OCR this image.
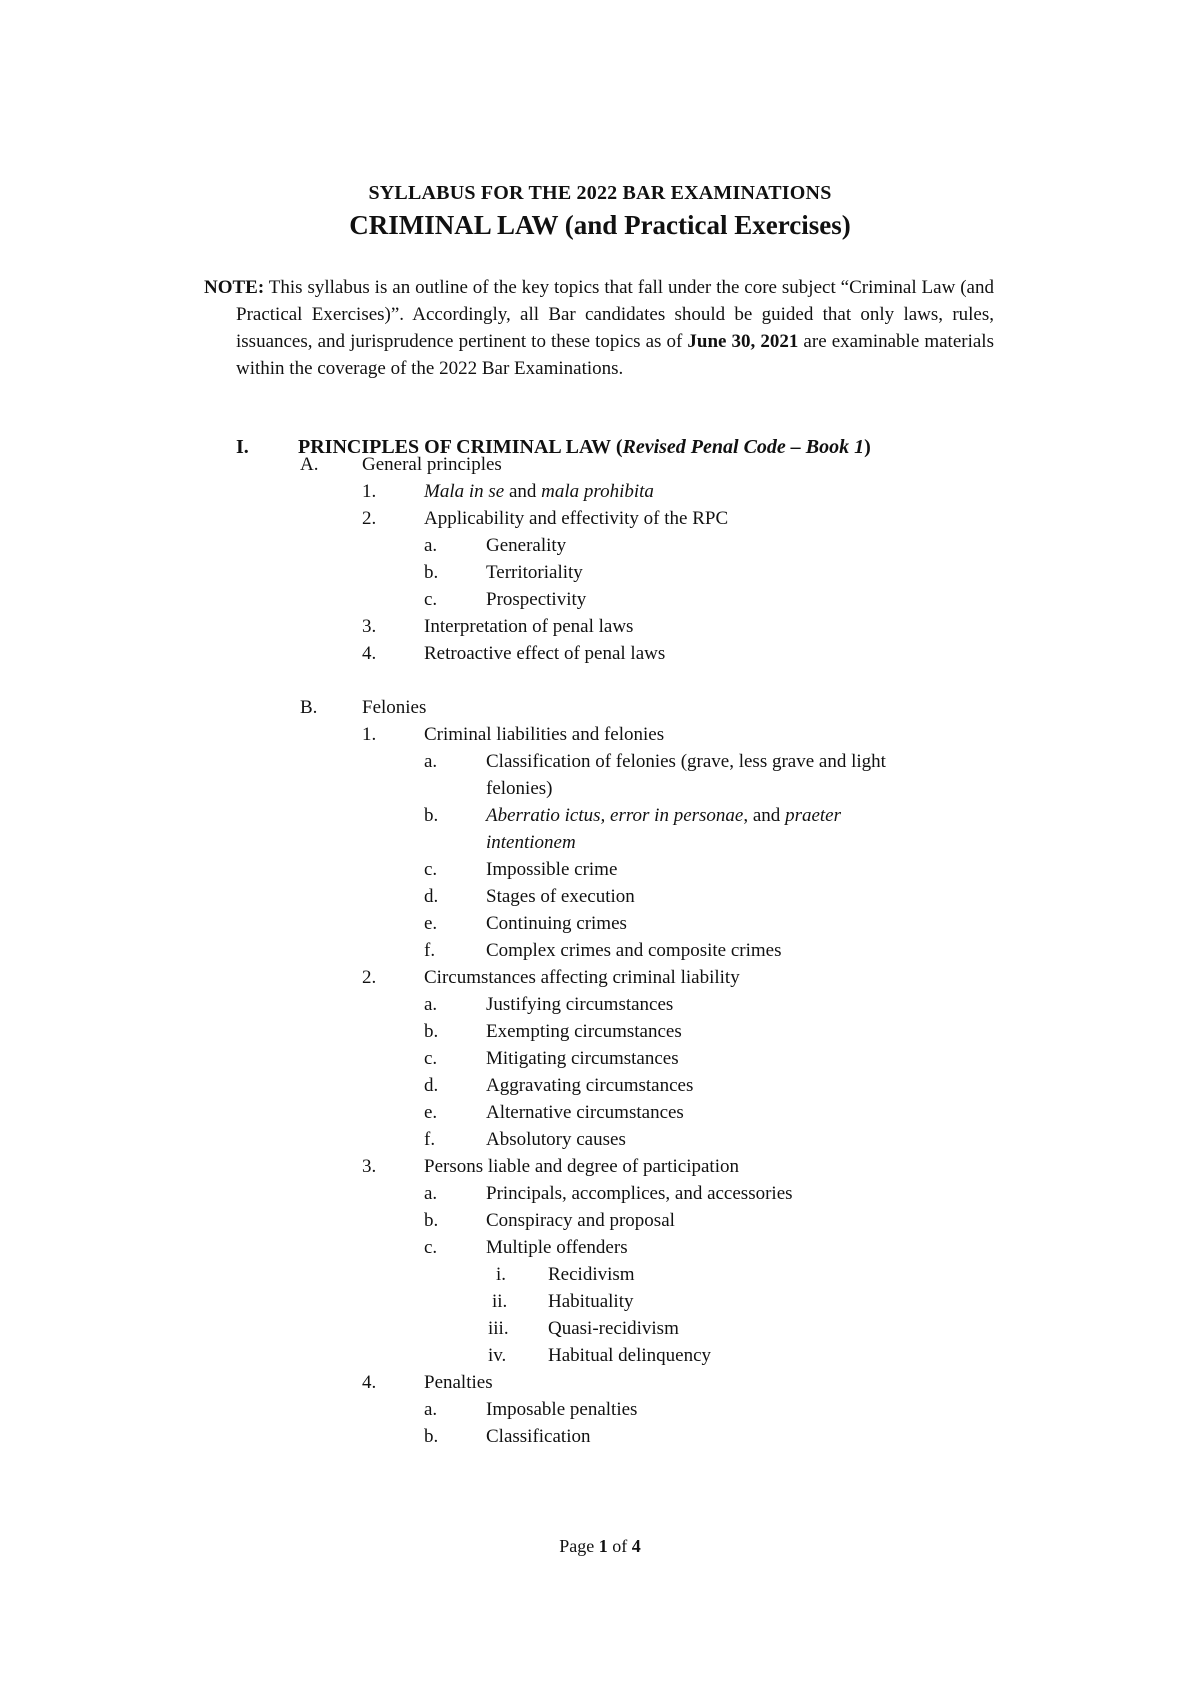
SYLLABUS FOR THE 2022 BAR EXAMINATIONS
CRIMINAL LAW (and Practical Exercises)

NOTE: This syllabus is an outline of the key topics that fall under the core subject “Criminal Law (and Practical Exercises)”. Accordingly, all Bar candidates should be guided that only laws, rules, issuances, and jurisprudence pertinent to these topics as of June 30, 2021 are examinable materials within the coverage of the 2022 Bar Examinations.

I. PRINCIPLES OF CRIMINAL LAW (Revised Penal Code – Book 1)
A. General principles
1.	Mala in se and mala prohibita
2.	Applicability and effectivity of the RPC
a.	Generality
b.	Territoriality
c.	Prospectivity
3.	Interpretation of penal laws
4.	Retroactive effect of penal laws
B. Felonies
1.	Criminal liabilities and felonies
a.	Classification of felonies (grave, less grave and light felonies)
b.	Aberratio ictus, error in personae, and praeter intentionem
c.	Impossible crime
d.	Stages of execution
e.	Continuing crimes
f.	Complex crimes and composite crimes
2.	Circumstances affecting criminal liability
a.	Justifying circumstances
b.	Exempting circumstances
c.	Mitigating circumstances
d.	Aggravating circumstances
e.	Alternative circumstances
f.	Absolutory causes
3.	Persons liable and degree of participation
a.	Principals, accomplices, and accessories
b.	Conspiracy and proposal
c.	Multiple offenders
i. Recidivism
ii. Habituality
iii. Quasi-recidivism
iv. Habitual delinquency
4.	Penalties
a.	Imposable penalties
b.	Classification
Page 1 of 4
